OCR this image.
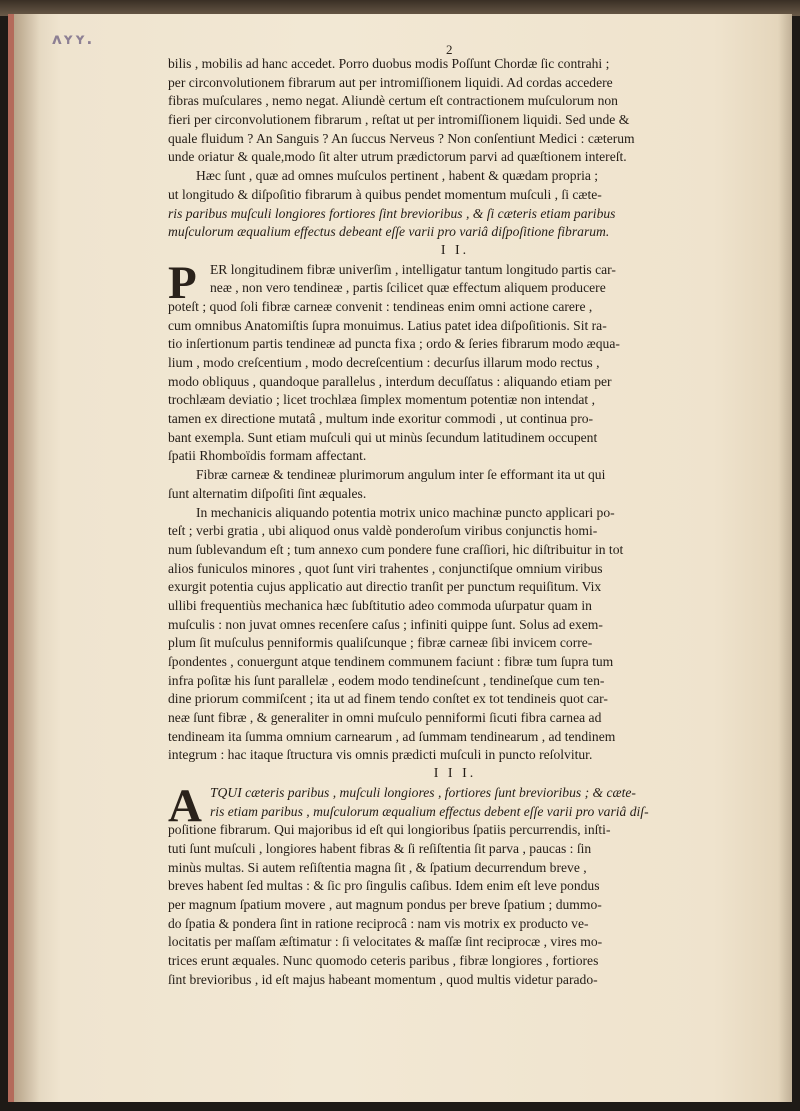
ʌʏʏ.
2
bilis , mobilis ad hanc accedet. Porro duobus modis Poſſunt Chordæ ſic contrahi ;
per circonvolutionem fibrarum aut per intromiſſionem liquidi. Ad cordas accedere
fibras muſculares , nemo negat. Aliundè certum eſt contractionem muſculorum non
fieri per circonvolutionem fibrarum , reſtat ut per intromiſſionem liquidi. Sed unde &
quale fluidum ? An Sanguis ? An ſuccus Nerveus ? Non conſentiunt Medici : cæterum
unde oriatur & quale,modo ſit alter utrum prædictorum parvi ad quæſtionem intereſt.
Hæc ſunt , quæ ad omnes muſculos pertinent , habent & quædam propria ;
ut longitudo & diſpoſitio fibrarum à quibus pendet momentum muſculi , ſi cæte-
ris paribus muſculi longiores fortiores ſint brevioribus , & ſi cæteris etiam paribus
muſculorum æqualium effectus debeant eſſe varii pro variâ diſpoſitione fibrarum.
I I.
P ER longitudinem fibræ univerſim , intelligatur tantum longitudo partis car-
neæ , non vero tendineæ , partis ſcilicet quæ effectum aliquem producere
poteſt ; quod ſoli fibræ carneæ convenit : tendineas enim omni actione carere ,
cum omnibus Anatomiſtis ſupra monuimus. Latius patet idea diſpoſitionis. Sit ra-
tio inſertionum partis tendineæ ad puncta fixa ; ordo & ſeries fibrarum modo æqua-
lium , modo creſcentium , modo decreſcentium : decurſus illarum modo rectus ,
modo obliquus , quandoque parallelus , interdum decuſſatus : aliquando etiam per
trochlæam deviatio ; licet trochlæa ſimplex momentum potentiæ non intendat ,
tamen ex directione mutatâ , multum inde exoritur commodi , ut continua pro-
bant exempla. Sunt etiam muſculi qui ut minùs ſecundum latitudinem occupent
ſpatii Rhomboïdis formam affectant.
Fibræ carneæ & tendineæ plurimorum angulum inter ſe efformant ita ut qui
ſunt alternatim diſpoſiti ſint æquales.
In mechanicis aliquando potentia motrix unico machinæ puncto applicari po-
teſt ; verbi gratia , ubi aliquod onus valdè ponderoſum viribus conjunctis homi-
num ſublevandum eſt ; tum annexo cum pondere fune craſſiori, hic diſtribuitur in tot
alios funiculos minores , quot ſunt viri trahentes , conjunctiſque omnium viribus
exurgit potentia cujus applicatio aut directio tranſit per punctum requiſitum. Vix
ullibi frequentiùs mechanica hæc ſubſtitutio adeo commoda uſurpatur quam in
muſculis : non juvat omnes recenſere caſus ; infiniti quippe ſunt. Solus ad exem-
plum ſit muſculus penniformis qualiſcunque ; fibræ carneæ ſibi invicem corre-
ſpondentes , conuergunt atque tendinem communem faciunt : fibræ tum ſupra tum
infra poſitæ his ſunt parallelæ , eodem modo tendineſcunt , tendineſque cum ten-
dine priorum commiſcent ; ita ut ad finem tendo conſtet ex tot tendineis quot car-
neæ ſunt fibræ , & generaliter in omni muſculo penniformi ſicuti fibra carnea ad
tendineam ita ſumma omnium carnearum , ad ſummam tendinearum , ad tendinem
integrum : hac itaque ſtructura vis omnis prædicti muſculi in puncto reſolvitur.
I I I.
A TQUI cæteris paribus , muſculi longiores , fortiores ſunt brevioribus ; & cæte-
ris etiam paribus , muſculorum æqualium effectus debent eſſe varii pro variâ diſ-
poſitione fibrarum. Qui majoribus id eſt qui longioribus ſpatiis percurrendis, inſti-
tuti ſunt muſculi , longiores habent fibras & ſi reſiſtentia ſit parva , paucas : ſin
minùs multas. Si autem reſiſtentia magna ſit , & ſpatium decurrendum breve ,
breves habent ſed multas : & ſic pro ſingulis caſibus. Idem enim eſt leve pondus
per magnum ſpatium movere , aut magnum pondus per breve ſpatium ; dummo-
do ſpatia & pondera ſint in ratione reciprocâ : nam vis motrix ex producto ve-
locitatis per maſſam æſtimatur : ſi velocitates & maſſæ ſint reciprocæ , vires mo-
trices erunt æquales. Nunc quomodo ceteris paribus , fibræ longiores , fortiores
ſint brevioribus , id eſt majus habeant momentum , quod multis videtur parado-
